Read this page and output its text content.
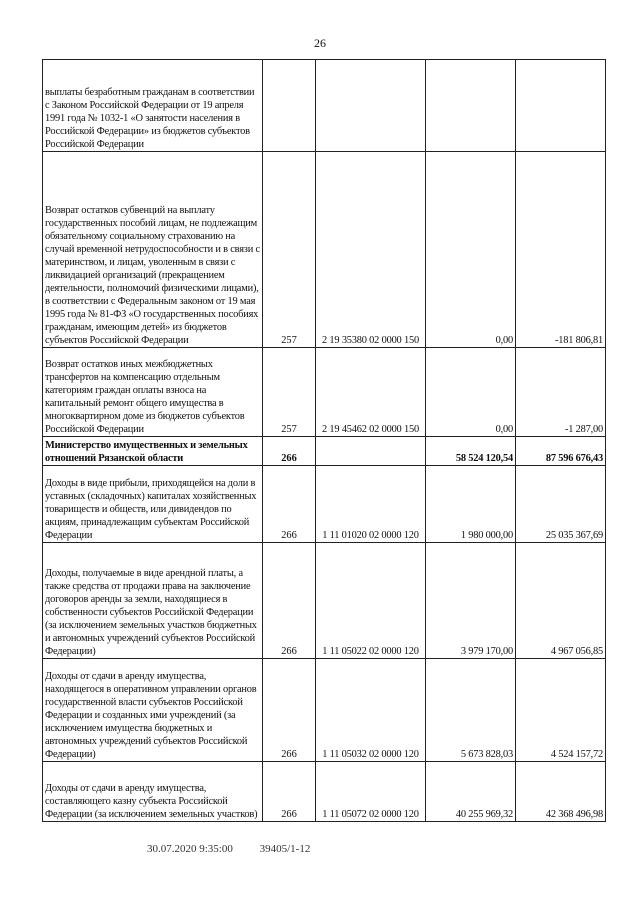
26
выплаты безработным гражданам в соответствии с Законом Российской Федерации от 19 апреля 1991 года № 1032-1 «О занятости населения в Российской Федерации» из бюджетов субъектов Российской Федерации				
Возврат остатков субвенций на выплату государственных пособий лицам, не подлежащим обязательному социальному страхованию на случай временной нетрудоспособности и в связи с материнством, и лицам, уволенным в связи с ликвидацией организаций (прекращением деятельности, полномочий физическими лицами), в соответствии с Федеральным законом от 19 мая 1995 года № 81-ФЗ «О государственных пособиях гражданам, имеющим детей» из бюджетов субъектов Российской Федерации	257	2 19 35380 02 0000 150	0,00	-181 806,81
Возврат остатков иных межбюджетных трансфертов на компенсацию отдельным категориям граждан оплаты взноса на капитальный ремонт общего имущества в многоквартирном доме из бюджетов субъектов Российской Федерации	257	2 19 45462 02 0000 150	0,00	-1 287,00
Министерство имущественных и земельных отношений Рязанской области	266		58 524 120,54	87 596 676,43
Доходы в виде прибыли, приходящейся на доли в уставных (складочных) капиталах хозяйственных товариществ и обществ, или дивидендов по акциям, принадлежащим субъектам Российской Федерации	266	1 11 01020 02 0000 120	1 980 000,00	25 035 367,69
Доходы, получаемые в виде арендной платы, а также средства от продажи права на заключение договоров аренды за земли, находящиеся в собственности субъектов Российской Федерации (за исключением земельных участков бюджетных и автономных учреждений субъектов Российской Федерации)	266	1 11 05022 02 0000 120	3 979 170,00	4 967 056,85
Доходы от сдачи в аренду имущества, находящегося в оперативном управлении органов государственной власти субъектов Российской Федерации и созданных ими учреждений (за исключением имущества бюджетных и автономных учреждений субъектов Российской Федерации)	266	1 11 05032 02 0000 120	5 673 828,03	4 524 157,72
Доходы от сдачи в аренду имущества, составляющего казну субъекта Российской Федерации (за исключением земельных участков)	266	1 11 05072 02 0000 120	40 255 969,32	42 368 496,98
30.07.2020 9:35:00 39405/1-12
